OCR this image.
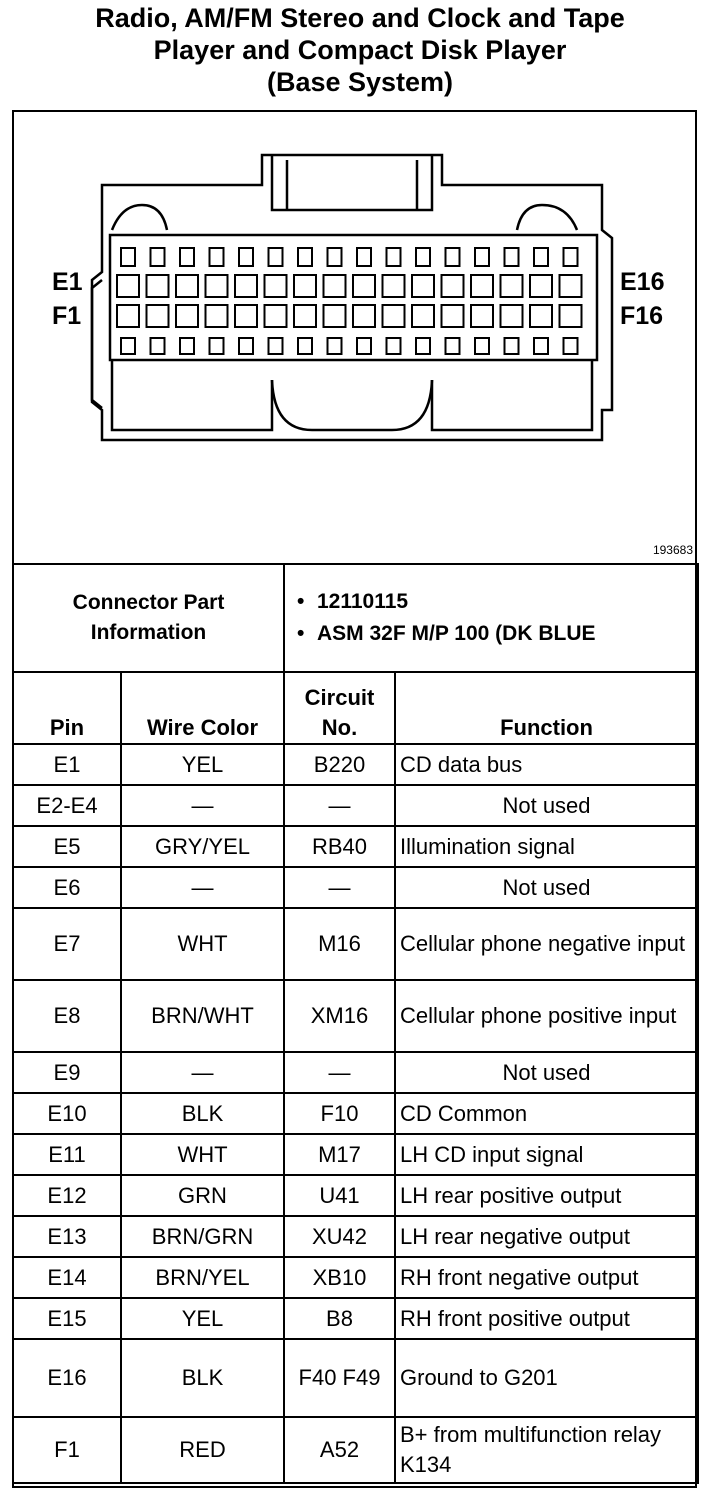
Radio, AM/FM Stereo and Clock and Tape
Player and Compact Disk Player
(Base System)
E1
F1
E16
F16
193683
Connector Part Information	
• 12110115
• ASM 32F M/P 100 (DK BLUE
Pin	Wire Color	Circuit No.	Function
E1	YEL	B220	CD data bus
E2-E4	—	—	Not used
E5	GRY/YEL	RB40	Illumination signal
E6	—	—	Not used
E7	WHT	M16	Cellular phone negative input
E8	BRN/WHT	XM16	Cellular phone positive input
E9	—	—	Not used
E10	BLK	F10	CD Common
E11	WHT	M17	LH CD input signal
E12	GRN	U41	LH rear positive output
E13	BRN/GRN	XU42	LH rear negative output
E14	BRN/YEL	XB10	RH front negative output
E15	YEL	B8	RH front positive output
E16	BLK	F40 F49	Ground to G201
F1	RED	A52	B+ from multifunction relay K134
